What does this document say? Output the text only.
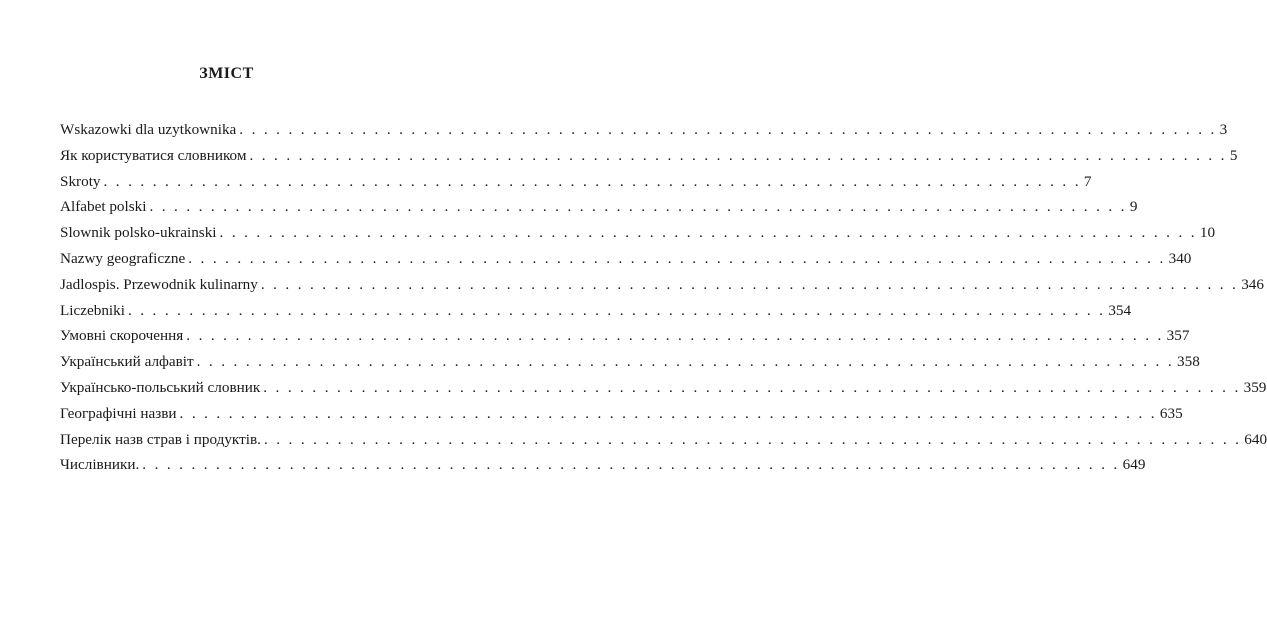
ЗМІСТ
Wskazowki dla uzytkownika . . . . . . . . . . . . . . . . . . . . . . . . . . . . . . . . . . . . . . . . . . . . . . . . . . . . . . . . . . . . . . . . . . . . . . . . . . . . . . . . 3
Як користуватися словником . . . . . . . . . . . . . . . . . . . . . . . . . . . . . . . . . . . . . . . . . . . . . . . . . . . . . . . . . . . . . . . . . . . . . . . . . . . . . . . . 5
Skroty . . . . . . . . . . . . . . . . . . . . . . . . . . . . . . . . . . . . . . . . . . . . . . . . . . . . . . . . . . . . . . . . . . . . . . . . . . . . . . . . 7
Alfabet polski . . . . . . . . . . . . . . . . . . . . . . . . . . . . . . . . . . . . . . . . . . . . . . . . . . . . . . . . . . . . . . . . . . . . . . . . . . . . . . . . 9
Slownik polsko-ukrainski . . . . . . . . . . . . . . . . . . . . . . . . . . . . . . . . . . . . . . . . . . . . . . . . . . . . . . . . . . . . . . . . . . . . . . . . . . . . . . . . 10
Nazwy geograficzne . . . . . . . . . . . . . . . . . . . . . . . . . . . . . . . . . . . . . . . . . . . . . . . . . . . . . . . . . . . . . . . . . . . . . . . . . . . . . . . . 340
Jadlospis. Przewodnik kulinarny . . . . . . . . . . . . . . . . . . . . . . . . . . . . . . . . . . . . . . . . . . . . . . . . . . . . . . . . . . . . . . . . . . . . . . . . . . . . . . . . 346
Liczebniki . . . . . . . . . . . . . . . . . . . . . . . . . . . . . . . . . . . . . . . . . . . . . . . . . . . . . . . . . . . . . . . . . . . . . . . . . . . . . . . . 354
Умовні скорочення . . . . . . . . . . . . . . . . . . . . . . . . . . . . . . . . . . . . . . . . . . . . . . . . . . . . . . . . . . . . . . . . . . . . . . . . . . . . . . . . 357
Український алфавіт . . . . . . . . . . . . . . . . . . . . . . . . . . . . . . . . . . . . . . . . . . . . . . . . . . . . . . . . . . . . . . . . . . . . . . . . . . . . . . . . 358
Українсько-польський словник . . . . . . . . . . . . . . . . . . . . . . . . . . . . . . . . . . . . . . . . . . . . . . . . . . . . . . . . . . . . . . . . . . . . . . . . . . . . . . . . 359
Географічні назви . . . . . . . . . . . . . . . . . . . . . . . . . . . . . . . . . . . . . . . . . . . . . . . . . . . . . . . . . . . . . . . . . . . . . . . . . . . . . . . . 635
Перелік назв страв і продуктів. . . . . . . . . . . . . . . . . . . . . . . . . . . . . . . . . . . . . . . . . . . . . . . . . . . . . . . . . . . . . . . . . . . . . . . . . . . . . . . . . 640
Числівники. . . . . . . . . . . . . . . . . . . . . . . . . . . . . . . . . . . . . . . . . . . . . . . . . . . . . . . . . . . . . . . . . . . . . . . . . . . . . . . . . 649
